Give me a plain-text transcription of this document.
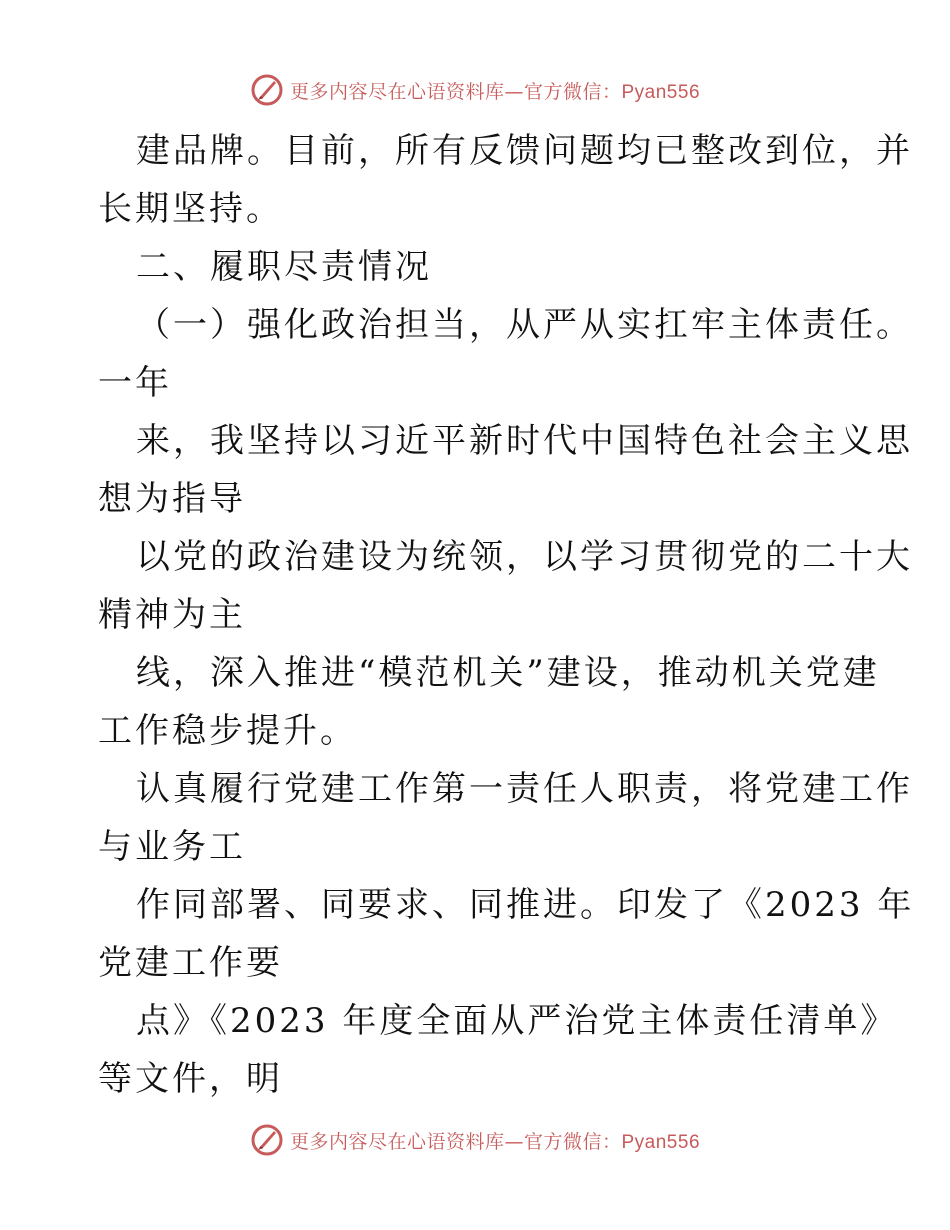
更多内容尽在心语资料库—官方微信：Pyan556
建品牌。目前，所有反馈问题均已整改到位，并
长期坚持。
二、履职尽责情况
（一）强化政治担当，从严从实扛牢主体责任。
一年
来，我坚持以习近平新时代中国特色社会主义思
想为指导
以党的政治建设为统领，以学习贯彻党的二十大
精神为主
线，深入推进“模范机关”建设，推动机关党建
工作稳步提升。
认真履行党建工作第一责任人职责，将党建工作
与业务工
作同部署、同要求、同推进。印发了《2023 年
党建工作要
点》《2023 年度全面从严治党主体责任清单》
等文件，明
更多内容尽在心语资料库—官方微信：Pyan556
